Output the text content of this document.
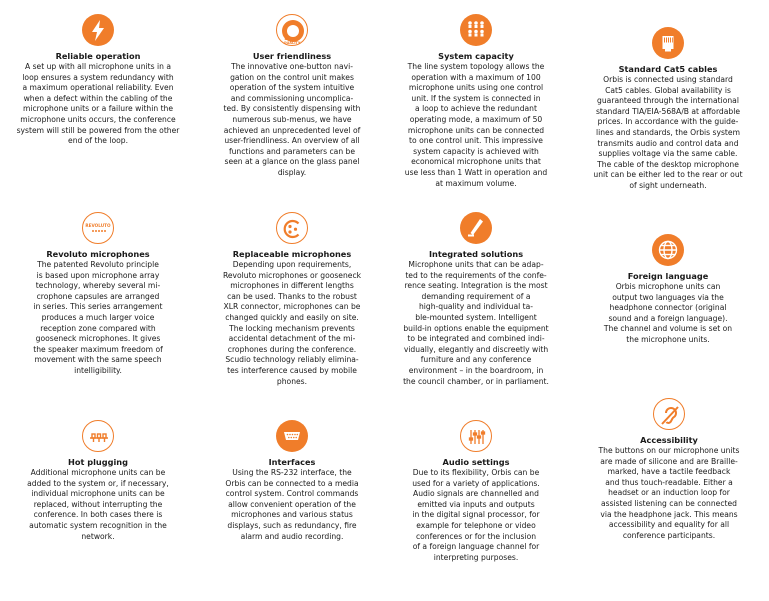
Reliable operation
A set up with all microphone units in a
loop ensures a system redundancy with
a maximum operational reliability. Even
when a defect within the cabling of the
microphone units or a failure within the
microphone units occurs, the conference
system will still be powered from the other
end of the loop.
BETTER QUALITY
User friendliness
The innovative one-button navi-
gation on the control unit makes
operation of the system intuitive
and commissioning uncomplica-
ted. By consistently dispensing with
numerous sub-menus, we have
achieved an unprecedented level of
user-friendliness. An overview of all
functions and parameters can be
seen at a glance on the glass panel
display.
System capacity
The line system topology allows the
operation with a maximum of 100
microphone units using one control
unit. If the system is connected in
a loop to achieve the redundant
operating mode, a maximum of 50
microphone units can be connected
to one control unit. This impressive
system capacity is achieved with
economical microphone units that
use less than 1 Watt in operation and
at maximum volume.
Standard Cat5 cables
Orbis is connected using standard
Cat5 cables. Global availability is
guaranteed through the international
standard TIA/EIA-568A/B at affordable
prices. In accordance with the guide-
lines and standards, the Orbis system
transmits audio and control data and
supplies voltage via the same cable.
The cable of the desktop microphone
unit can be either led to the rear or out
of sight underneath.
REVOLUTO
Revoluto microphones
The patented Revoluto principle
is based upon microphone array
technology, whereby several mi-
crophone capsules are arranged
in series. This series arrangement
produces a much larger voice
reception zone compared with
gooseneck microphones. It gives
the speaker maximum freedom of
movement with the same speech
intelligibility.
Replaceable microphones
Depending upon requirements,
Revoluto microphones or gooseneck
microphones in different lengths
can be used. Thanks to the robust
XLR connector, microphones can be
changed quickly and easily on site.
The locking mechanism prevents
accidental detachment of the mi-
crophones during the conference.
Scudio technology reliably elimina-
tes interference caused by mobile
phones.
Integrated solutions
Microphone units that can be adap-
ted to the requirements of the confe-
rence seating. Integration is the most
demanding requirement of a
high-quality and individual ta-
ble-mounted system. Intelligent
build-in options enable the equipment
to be integrated and combined indi-
vidually, elegantly and discreetly with
furniture and any conference
environment – in the boardroom, in
the council chamber, or in parliament.
Foreign language
Orbis microphone units can
output two languages via the
headphone connector (original
sound and a foreign language).
The channel and volume is set on
the microphone units.
Hot plugging
Additional microphone units can be
added to the system or, if necessary,
individual microphone units can be
replaced, without interrupting the
conference. In both cases there is
automatic system recognition in the
network.
Interfaces
Using the RS-232 interface, the
Orbis can be connected to a media
control system. Control commands
allow convenient operation of the
microphones and various status
displays, such as redundancy, fire
alarm and audio recording.
Audio settings
Due to its flexibility, Orbis can be
used for a variety of applications.
Audio signals are channelled and
emitted via inputs and outputs
in the digital signal processor, for
example for telephone or video
conferences or for the inclusion
of a foreign language channel for
interpreting purposes.
Accessibility
The buttons on our microphone units
are made of silicone and are Braille-
marked, have a tactile feedback
and thus touch-readable. Either a
headset or an induction loop for
assisted listening can be connected
via the headphone jack. This means
accessibility and equality for all
conference participants.
